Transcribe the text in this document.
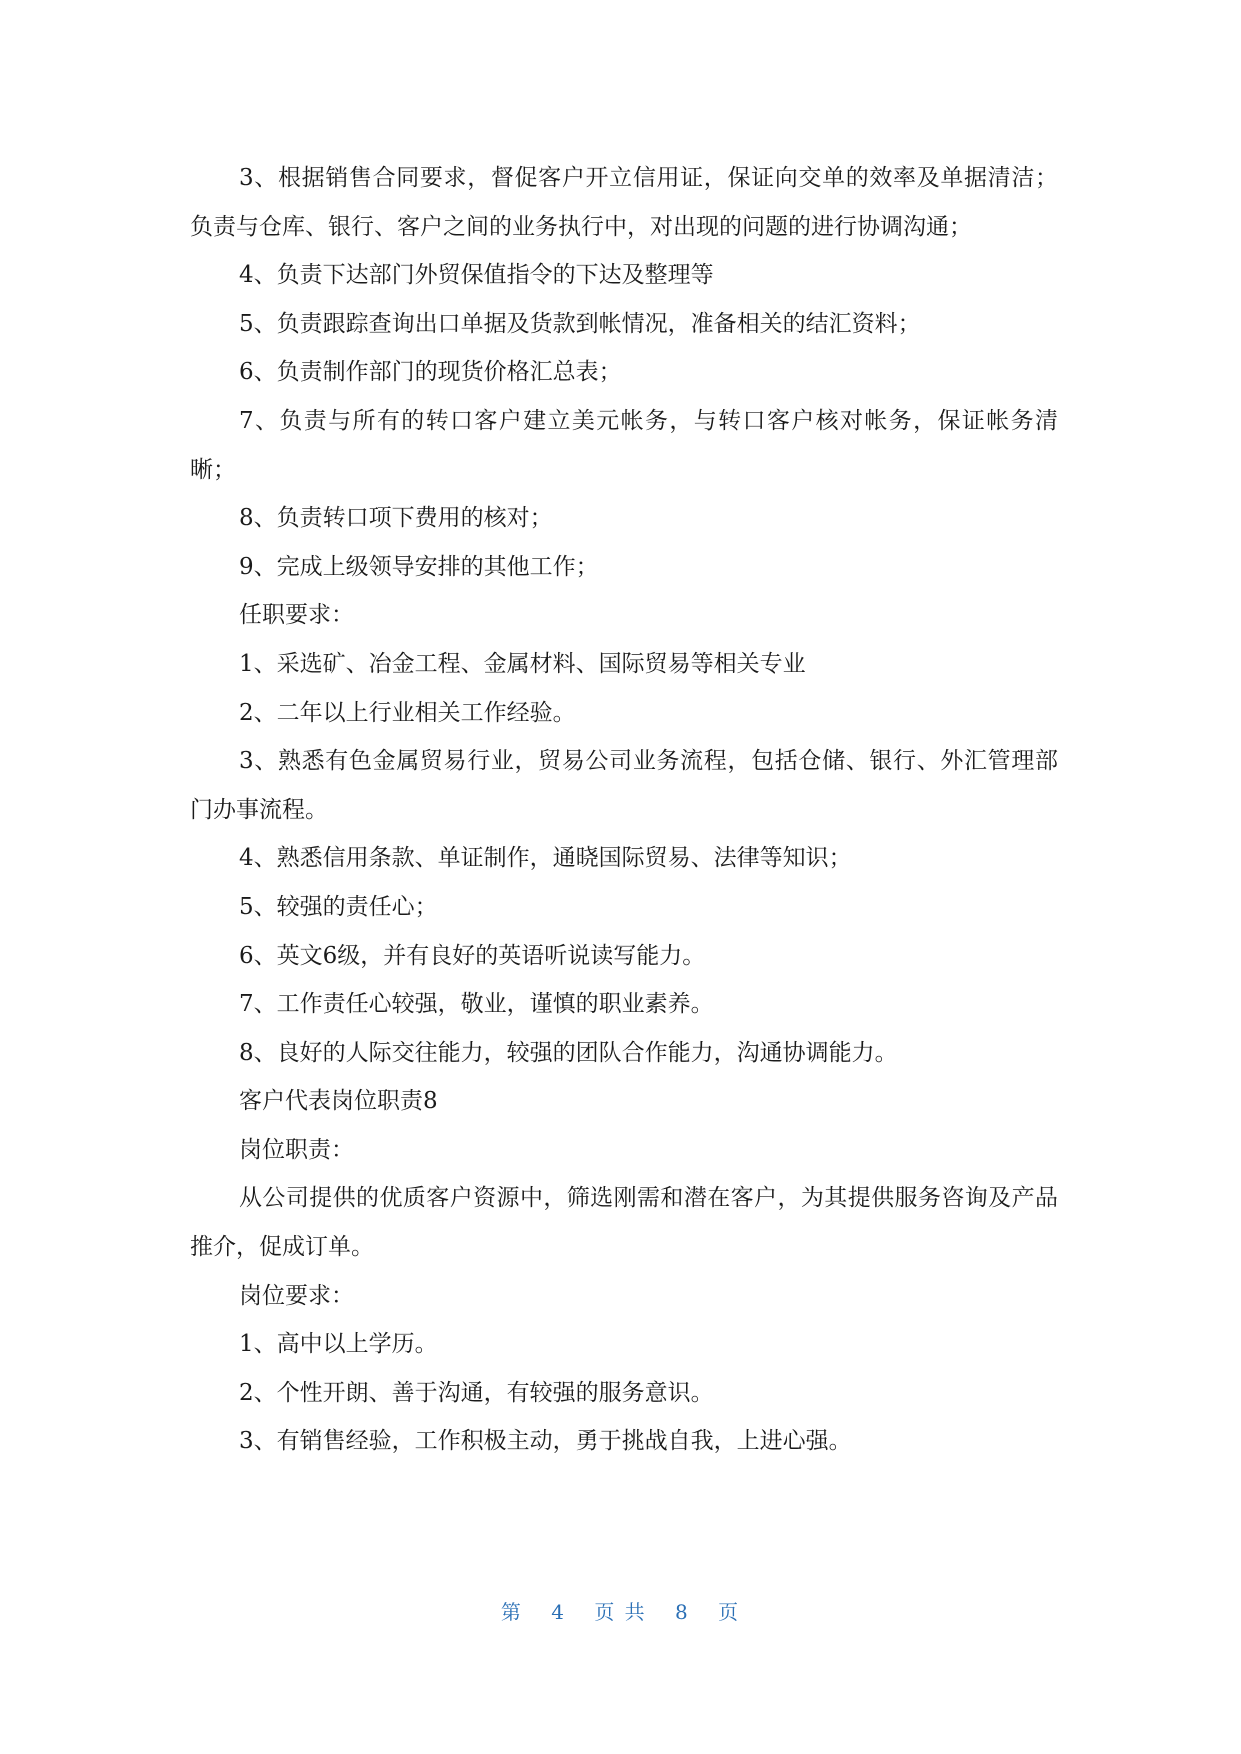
3、根据销售合同要求，督促客户开立信用证，保证向交单的效率及单据清洁；负责与仓库、银行、客户之间的业务执行中，对出现的问题的进行协调沟通；

4、负责下达部门外贸保值指令的下达及整理等

5、负责跟踪查询出口单据及货款到帐情况，准备相关的结汇资料；

6、负责制作部门的现货价格汇总表；

7、负责与所有的转口客户建立美元帐务，与转口客户核对帐务，保证帐务清晰；

8、负责转口项下费用的核对；

9、完成上级领导安排的其他工作；

任职要求：

1、采选矿、冶金工程、金属材料、国际贸易等相关专业

2、二年以上行业相关工作经验。

3、熟悉有色金属贸易行业，贸易公司业务流程，包括仓储、银行、外汇管理部门办事流程。

4、熟悉信用条款、单证制作，通晓国际贸易、法律等知识；

5、较强的责任心；

6、英文6级，并有良好的英语听说读写能力。

7、工作责任心较强，敬业，谨慎的职业素养。

8、良好的人际交往能力，较强的团队合作能力，沟通协调能力。

客户代表岗位职责8

岗位职责：

从公司提供的优质客户资源中，筛选刚需和潜在客户，为其提供服务咨询及产品推介，促成订单。

岗位要求：

1、高中以上学历。

2、个性开朗、善于沟通，有较强的服务意识。

3、有销售经验，工作积极主动，勇于挑战自我，上进心强。

第 4 页 共 8 页
